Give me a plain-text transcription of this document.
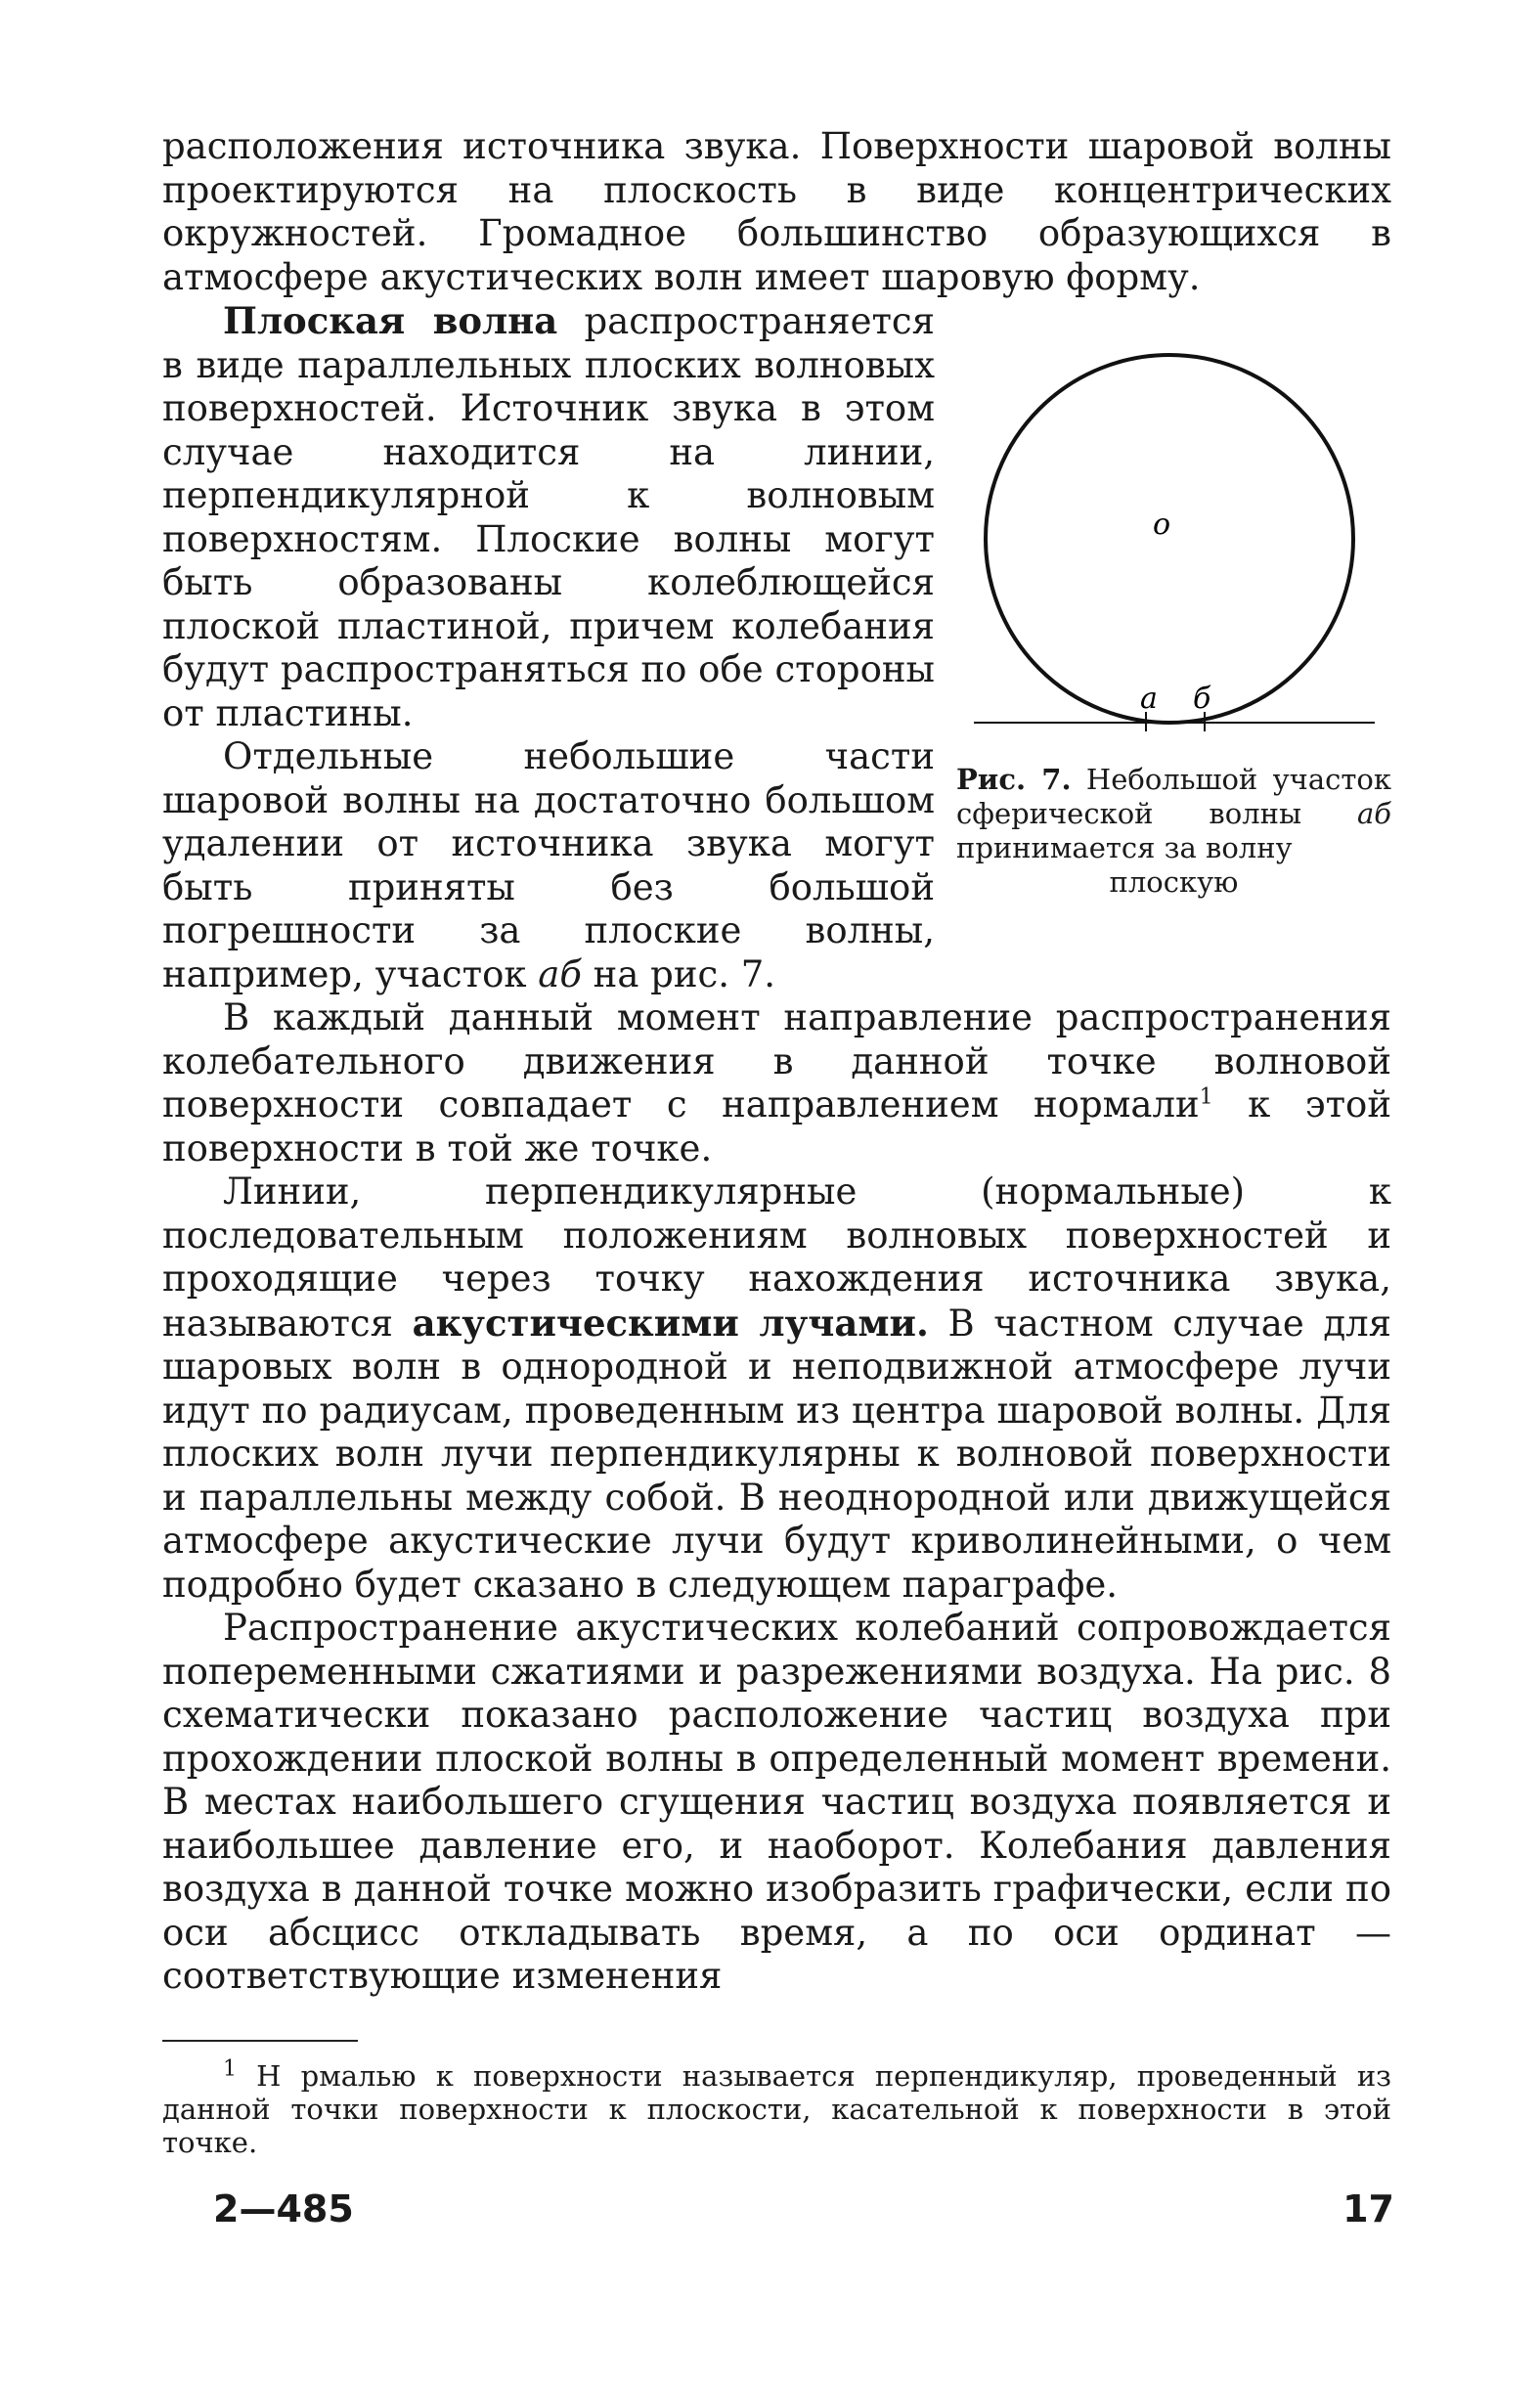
расположения источника звука. Поверхности шаровой волны проектируются на плоскость в виде концентрических окружностей. Громадное большинство образующихся в атмосфере акустических волн имеет шаровую форму.

Плоская волна распространяется в виде параллельных плоских волновых поверхностей. Источник звука в этом случае находится на линии, перпендикулярной к волновым поверхностям. Плоские волны могут быть образованы колеблющейся плоской пластиной, причем колебания будут распространяться по обе стороны от пластины.

Отдельные небольшие части шаровой волны на достаточно большом удалении от источника звука могут быть приняты без большой погрешности за плоские волны, например, участок аб на рис. 7.

o
a б
Рис. 7. Небольшой участок сферической волны аб принимается за волну
плоскую

В каждый данный момент направление распространения колебательного движения в данной точке волновой поверхности совпадает с направлением нормали$^1$ к этой поверхности в той же точке.

Линии, перпендикулярные (нормальные) к последовательным положениям волновых поверхностей и проходящие через точку нахождения источника звука, называются акустическими лучами. В частном случае для шаровых волн в однородной и неподвижной атмосфере лучи идут по радиусам, проведенным из центра шаровой волны. Для плоских волн лучи перпендикулярны к волновой поверхности и параллельны между собой. В неоднородной или движущейся атмосфере акустические лучи будут криволинейными, о чем подробно будет сказано в следующем параграфе.

Распространение акустических колебаний сопровождается попеременными сжатиями и разрежениями воздуха. На рис. 8 схематически показано расположение частиц воздуха при прохождении плоской волны в определенный момент времени. В местах наибольшего сгущения частиц воздуха появляется и наибольшее давление его, и наоборот. Колебания давления воздуха в данной точке можно изобразить графически, если по оси абсцисс откладывать время, а по оси ординат — соответствующие изменения

$^1$ Н рмалью к поверхности называется перпендикуляр, проведенный из данной точки поверхности к плоскости, касательной к поверхности в этой точке.

2—485	17
